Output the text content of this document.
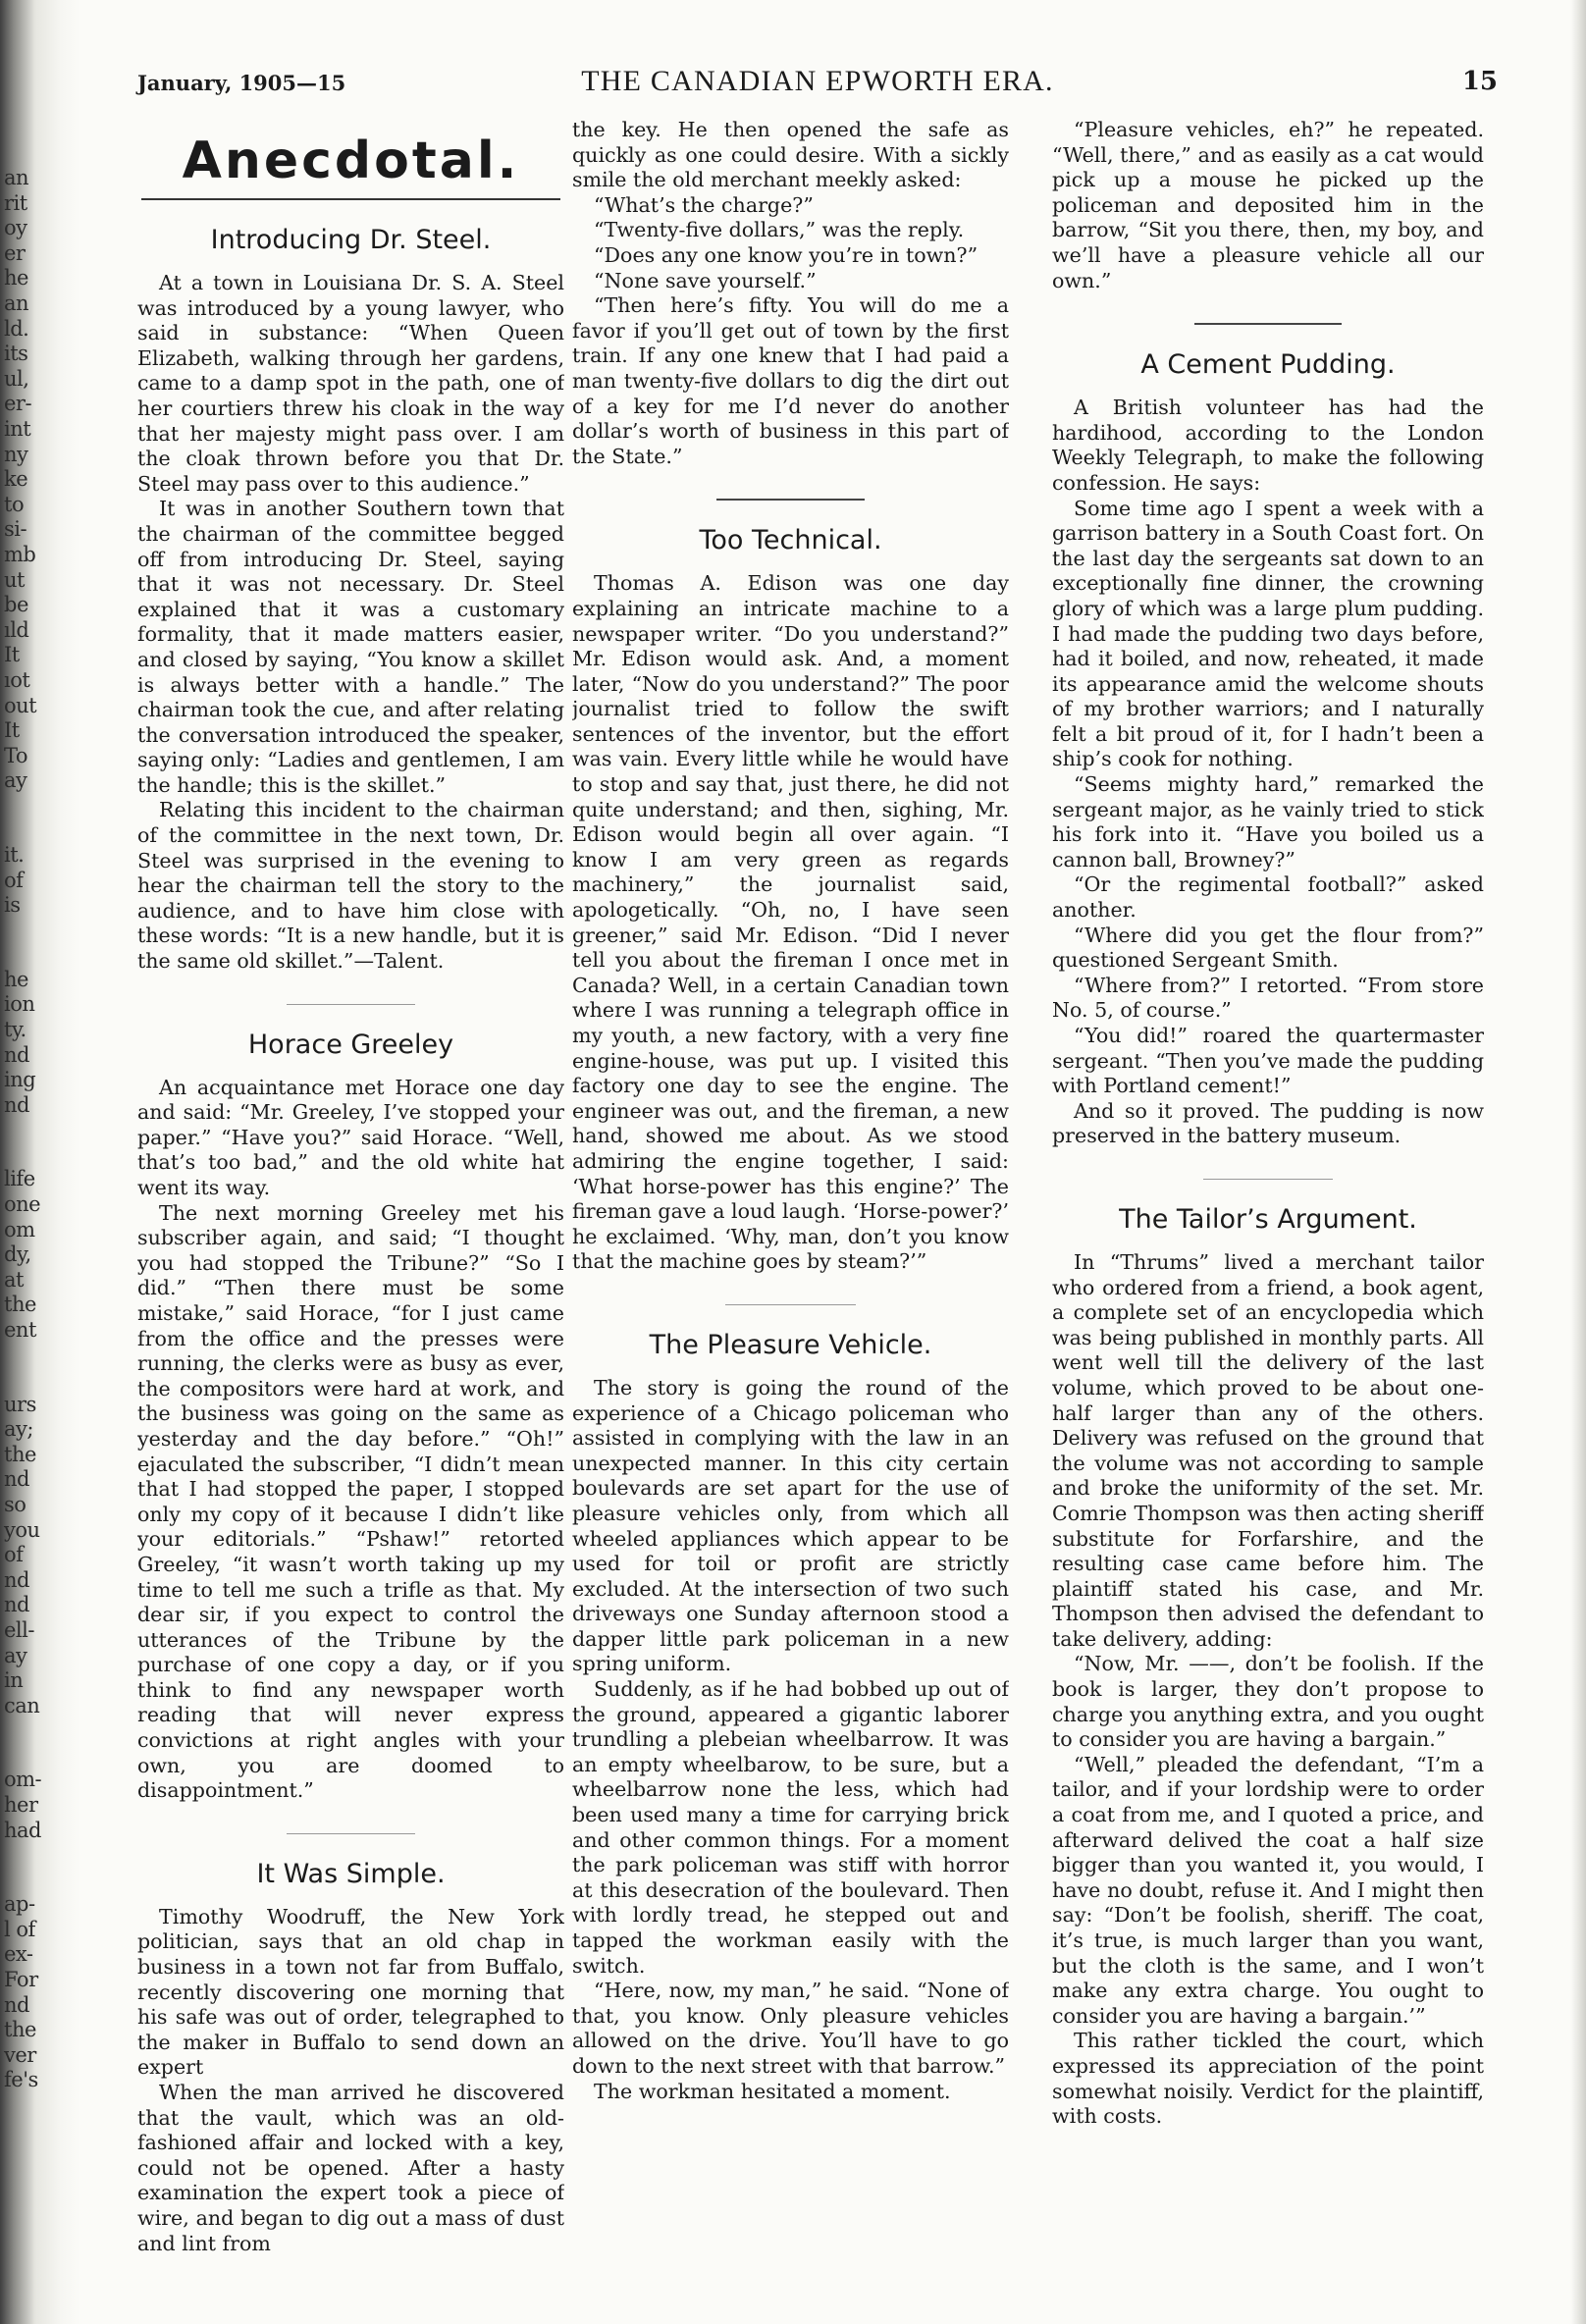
an
rit
oy
er
he
an
ld.
its
ul,
er-
int
ny
ke
to
si-
mb
ut
be
ıld
It
ıot
out
It
To
ay
it.
of
is
he
ion
ty.
nd
ing
nd
life
one
om
dy,
at
the
ent
urs
ay;
the
nd
so
you
of
nd
nd
ell-
ay
in
can
om-
her
had
ap-
l of
ex-
For
nd
the
ver
fe's
January, 1905—15	THE CANADIAN EPWORTH ERA.	15
Anecdotal.
Introducing Dr. Steel.

At a town in Louisiana Dr. S. A. Steel was introduced by a young lawyer, who said in substance: “When Queen Elizabeth, walking through her gardens, came to a damp spot in the path, one of her courtiers threw his cloak in the way that her majesty might pass over. I am the cloak thrown before you that Dr. Steel may pass over to this audience.”

It was in another Southern town that the chairman of the committee begged off from introducing Dr. Steel, saying that it was not necessary. Dr. Steel explained that it was a customary formality, that it made matters easier, and closed by saying, “You know a skillet is always better with a handle.” The chairman took the cue, and after relating the conversation introduced the speaker, saying only: “Ladies and gentlemen, I am the handle; this is the skillet.”

Relating this incident to the chairman of the committee in the next town, Dr. Steel was surprised in the evening to hear the chairman tell the story to the audience, and to have him close with these words: “It is a new handle, but it is the same old skillet.”—Talent.

Horace Greeley

An acquaintance met Horace one day and said: “Mr. Greeley, I’ve stopped your paper.” “Have you?” said Horace. “Well, that’s too bad,” and the old white hat went its way.

The next morning Greeley met his subscriber again, and said; “I thought you had stopped the Tribune?” “So I did.” “Then there must be some mistake,” said Horace, “for I just came from the office and the presses were running, the clerks were as busy as ever, the compositors were hard at work, and the business was going on the same as yesterday and the day before.” “Oh!” ejaculated the subscriber, “I didn’t mean that I had stopped the paper, I stopped only my copy of it because I didn’t like your editorials.” “Pshaw!” retorted Greeley, “it wasn’t worth taking up my time to tell me such a trifle as that. My dear sir, if you expect to control the utterances of the Tribune by the purchase of one copy a day, or if you think to find any newspaper worth reading that will never express convictions at right angles with your own, you are doomed to disappointment.”

It Was Simple.

Timothy Woodruff, the New York politician, says that an old chap in business in a town not far from Buffalo, recently discovering one morning that his safe was out of order, telegraphed to the maker in Buffalo to send down an expert

When the man arrived he discovered that the vault, which was an old-fashioned affair and locked with a key, could not be opened. After a hasty examination the expert took a piece of wire, and began to dig out a mass of dust and lint from

the key. He then opened the safe as quickly as one could desire. With a sickly smile the old merchant meekly asked:

“What’s the charge?”

“Twenty-five dollars,” was the reply.

“Does any one know you’re in town?”

“None save yourself.”

“Then here’s fifty. You will do me a favor if you’ll get out of town by the first train. If any one knew that I had paid a man twenty-five dollars to dig the dirt out of a key for me I’d never do another dollar’s worth of business in this part of the State.”

Too Technical.

Thomas A. Edison was one day explaining an intricate machine to a newspaper writer. “Do you understand?” Mr. Edison would ask. And, a moment later, “Now do you understand?” The poor journalist tried to follow the swift sentences of the inventor, but the effort was vain. Every little while he would have to stop and say that, just there, he did not quite understand; and then, sighing, Mr. Edison would begin all over again. “I know I am very green as regards machinery,” the journalist said, apologetically. “Oh, no, I have seen greener,” said Mr. Edison. “Did I never tell you about the fireman I once met in Canada? Well, in a certain Canadian town where I was running a telegraph office in my youth, a new factory, with a very fine engine-house, was put up. I visited this factory one day to see the engine. The engineer was out, and the fireman, a new hand, showed me about. As we stood admiring the engine together, I said: ‘What horse-power has this engine?’ The fireman gave a loud laugh. ‘Horse-power?’ he exclaimed. ‘Why, man, don’t you know that the machine goes by steam?’”

The Pleasure Vehicle.

The story is going the round of the experience of a Chicago policeman who assisted in complying with the law in an unexpected manner. In this city certain boulevards are set apart for the use of pleasure vehicles only, from which all wheeled appliances which appear to be used for toil or profit are strictly excluded. At the intersection of two such driveways one Sunday afternoon stood a dapper little park policeman in a new spring uniform.

Suddenly, as if he had bobbed up out of the ground, appeared a gigantic laborer trundling a plebeian wheelbarrow. It was an empty wheelbarow, to be sure, but a wheelbarrow none the less, which had been used many a time for carrying brick and other common things. For a moment the park policeman was stiff with horror at this desecration of the boulevard. Then with lordly tread, he stepped out and tapped the workman easily with the switch.

“Here, now, my man,” he said. “None of that, you know. Only pleasure vehicles allowed on the drive. You’ll have to go down to the next street with that barrow.”

The workman hesitated a moment.

“Pleasure vehicles, eh?” he repeated. “Well, there,” and as easily as a cat would pick up a mouse he picked up the policeman and deposited him in the barrow, “Sit you there, then, my boy, and we’ll have a pleasure vehicle all our own.”

A Cement Pudding.

A British volunteer has had the hardihood, according to the London Weekly Telegraph, to make the following confession. He says:

Some time ago I spent a week with a garrison battery in a South Coast fort. On the last day the sergeants sat down to an exceptionally fine dinner, the crowning glory of which was a large plum pudding. I had made the pudding two days before, had it boiled, and now, reheated, it made its appearance amid the welcome shouts of my brother warriors; and I naturally felt a bit proud of it, for I hadn’t been a ship’s cook for nothing.

“Seems mighty hard,” remarked the sergeant major, as he vainly tried to stick his fork into it. “Have you boiled us a cannon ball, Browney?”

“Or the regimental football?” asked another.

“Where did you get the flour from?” questioned Sergeant Smith.

“Where from?” I retorted. “From store No. 5, of course.”

“You did!” roared the quartermaster sergeant. “Then you’ve made the pudding with Portland cement!”

And so it proved. The pudding is now preserved in the battery museum.

The Tailor’s Argument.

In “Thrums” lived a merchant tailor who ordered from a friend, a book agent, a complete set of an encyclopedia which was being published in monthly parts. All went well till the delivery of the last volume, which proved to be about one-half larger than any of the others. Delivery was refused on the ground that the volume was not according to sample and broke the uniformity of the set. Mr. Comrie Thompson was then acting sheriff substitute for Forfarshire, and the resulting case came before him. The plaintiff stated his case, and Mr. Thompson then advised the defendant to take delivery, adding:

“Now, Mr. ——, don’t be foolish. If the book is larger, they don’t propose to charge you anything extra, and you ought to consider you are having a bargain.”

“Well,” pleaded the defendant, “I’m a tailor, and if your lordship were to order a coat from me, and I quoted a price, and afterward delived the coat a half size bigger than you wanted it, you would, I have no doubt, refuse it. And I might then say: “Don’t be foolish, sheriff. The coat, it’s true, is much larger than you want, but the cloth is the same, and I won’t make any extra charge. You ought to consider you are having a bargain.’”

This rather tickled the court, which expressed its appreciation of the point somewhat noisily. Verdict for the plaintiff, with costs.
